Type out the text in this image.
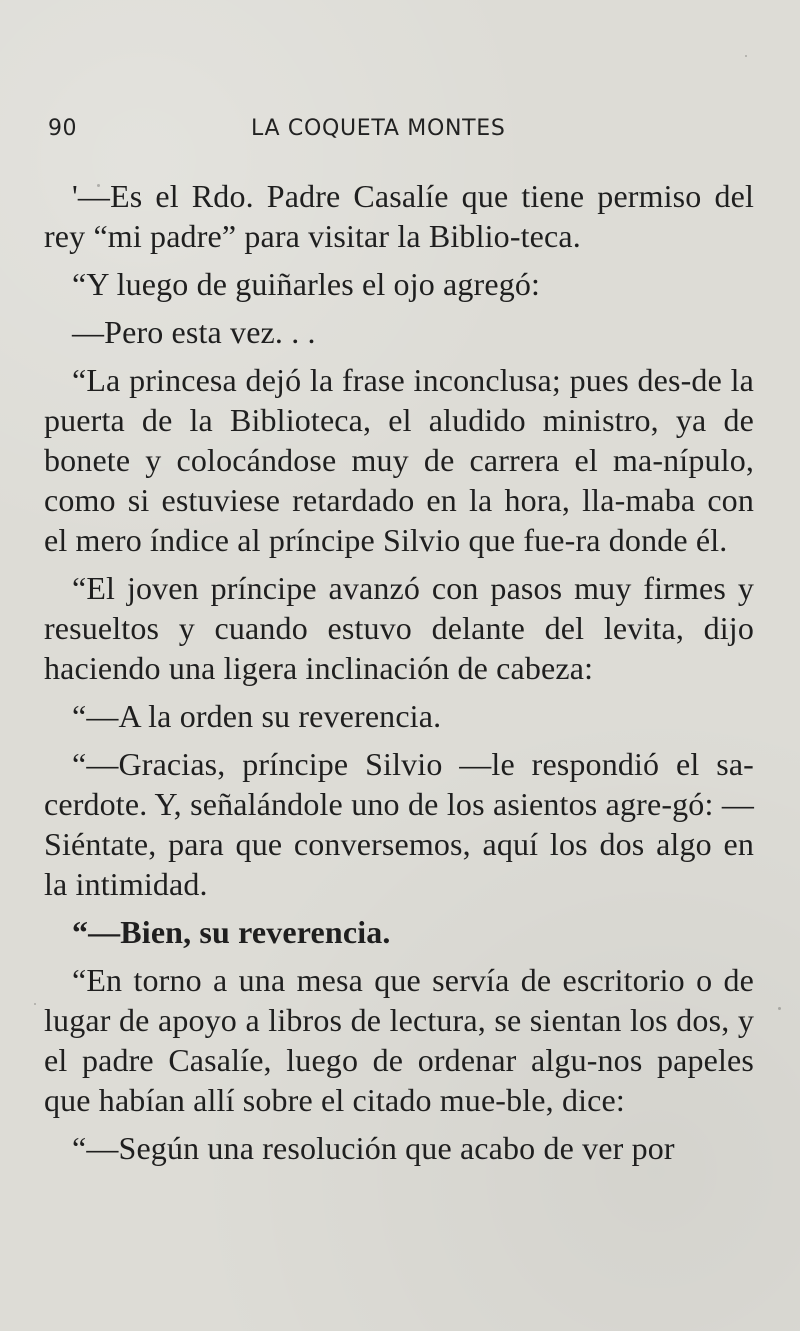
90	LA COQUETA MONTES

'—Es el Rdo. Padre Casalíe que tiene permiso del rey “mi padre” para visitar la Biblio-teca.

“Y luego de guiñarles el ojo agregó:

—Pero esta vez. . .

“La princesa dejó la frase inconclusa; pues des-de la puerta de la Biblioteca, el aludido ministro, ya de bonete y colocándose muy de carrera el ma-nípulo, como si estuviese retardado en la hora, lla-maba con el mero índice al príncipe Silvio que fue-ra donde él.

“El joven príncipe avanzó con pasos muy firmes y resueltos y cuando estuvo delante del levita, dijo haciendo una ligera inclinación de cabeza:

“—A la orden su reverencia.

“—Gracias, príncipe Silvio —le respondió el sa-cerdote. Y, señalándole uno de los asientos agre-gó: —Siéntate, para que conversemos, aquí los dos algo en la intimidad.

“—Bien, su reverencia.

“En torno a una mesa que servía de escritorio o de lugar de apoyo a libros de lectura, se sientan los dos, y el padre Casalíe, luego de ordenar algu-nos papeles que habían allí sobre el citado mue-ble, dice:

“—Según una resolución que acabo de ver por
